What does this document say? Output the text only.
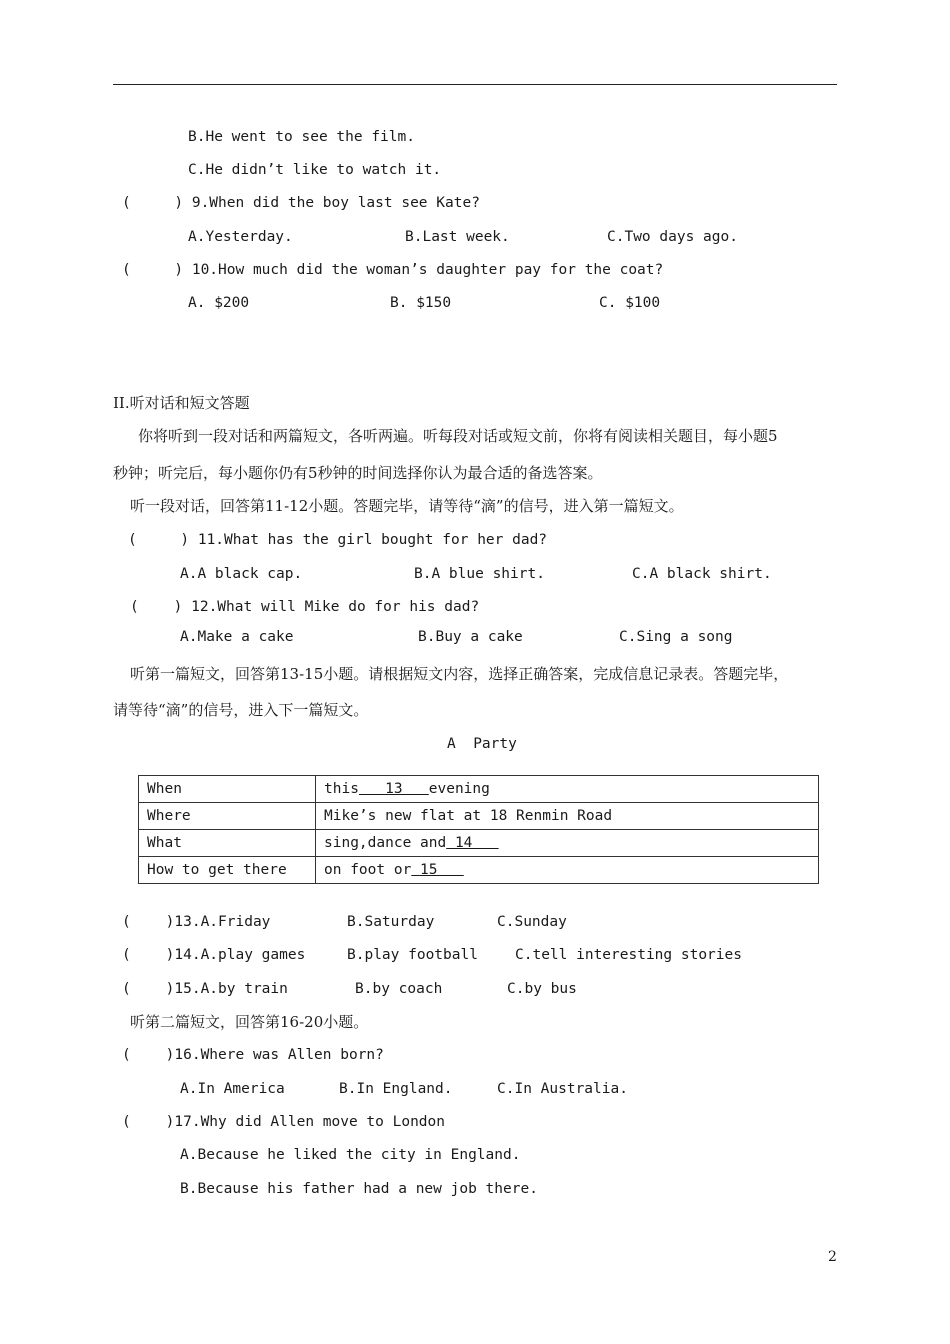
B.He went to see the film.
C.He didn’t like to watch it.
(     ) 9.When did the boy last see Kate?
A.Yesterday.	B.Last week.	C.Two days ago.
(     ) 10.How much did the woman’s daughter pay for the coat?
A. $200	B. $150	C. $100
II.听对话和短文答题
你将听到一段对话和两篇短文，各听两遍。听每段对话或短文前，你将有阅读相关题目，每小题5
秒钟；听完后，每小题你仍有5秒钟的时间选择你认为最合适的备选答案。
听一段对话，回答第11-12小题。答题完毕，请等待“滴”的信号，进入第一篇短文。
(     ) 11.What has the girl bought for her dad?
A.A black cap.	B.A blue shirt.	C.A black shirt.
(    ) 12.What will Mike do for his dad?
A.Make a cake	B.Buy a cake	C.Sing a song
听第一篇短文，回答第13-15小题。请根据短文内容，选择正确答案，完成信息记录表。答题完毕，
请等待“滴”的信号，进入下一篇短文。
A  Party
When	this   13   evening
Where	Mike’s new flat at 18 Renmin Road
What	sing,dance and 14
How to get there	on foot or 15
(    )13.A.Friday	B.Saturday	C.Sunday
(    )14.A.play games	B.play football	C.tell interesting stories
(    )15.A.by train	B.by coach	C.by bus
听第二篇短文，回答第16-20小题。
(    )16.Where was Allen born?
A.In America	B.In England.	C.In Australia.
(    )17.Why did Allen move to London
A.Because he liked the city in England.
B.Because his father had a new job there.
2
